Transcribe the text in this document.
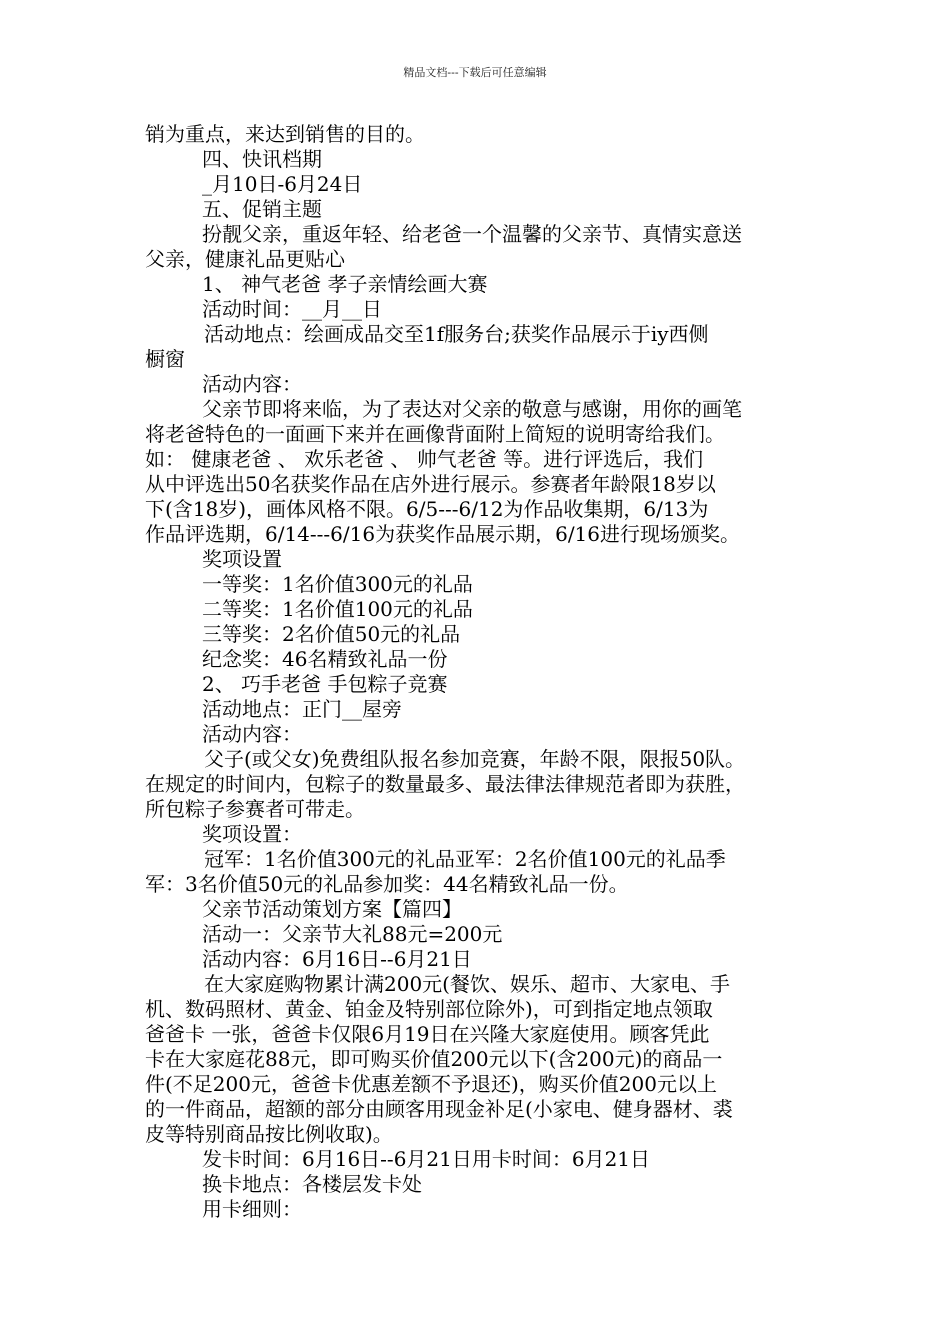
精品文档---下载后可任意编辑

销为重点，来达到销售的目的。

四、快讯档期

_月10日-6月24日

五、促销主题

扮靓父亲，重返年轻、给老爸一个温馨的父亲节、真情实意送

父亲，健康礼品更贴心

1、 神气老爸 孝子亲情绘画大赛

活动时间：__月__日

活动地点：绘画成品交至1f服务台;获奖作品展示于iy西侧

橱窗

活动内容：

父亲节即将来临，为了表达对父亲的敬意与感谢，用你的画笔

将老爸特色的一面画下来并在画像背面附上简短的说明寄给我们。

如： 健康老爸 、 欢乐老爸 、 帅气老爸 等。进行评选后，我们

从中评选出50名获奖作品在店外进行展示。参赛者年龄限18岁以

下(含18岁)，画体风格不限。6/5---6/12为作品收集期，6/13为

作品评选期，6/14---6/16为获奖作品展示期，6/16进行现场颁奖。

奖项设置

一等奖：1名价值300元的礼品

二等奖：1名价值100元的礼品

三等奖：2名价值50元的礼品

纪念奖：46名精致礼品一份

2、 巧手老爸 手包粽子竞赛

活动地点：正门__屋旁

活动内容：

父子(或父女)免费组队报名参加竞赛，年龄不限，限报50队。

在规定的时间内，包粽子的数量最多、最法律法律规范者即为获胜，

所包粽子参赛者可带走。

奖项设置：

冠军：1名价值300元的礼品亚军：2名价值100元的礼品季

军：3名价值50元的礼品参加奖：44名精致礼品一份。

父亲节活动策划方案【篇四】

活动一：父亲节大礼88元=200元

活动内容：6月16日--6月21日

在大家庭购物累计满200元(餐饮、娱乐、超市、大家电、手

机、数码照材、黄金、铂金及特别部位除外)，可到指定地点领取

爸爸卡 一张，爸爸卡仅限6月19日在兴隆大家庭使用。顾客凭此

卡在大家庭花88元，即可购买价值200元以下(含200元)的商品一

件(不足200元，爸爸卡优惠差额不予退还)，购买价值200元以上

的一件商品，超额的部分由顾客用现金补足(小家电、健身器材、裘

皮等特别商品按比例收取)。

发卡时间：6月16日--6月21日用卡时间：6月21日

换卡地点：各楼层发卡处

用卡细则：
